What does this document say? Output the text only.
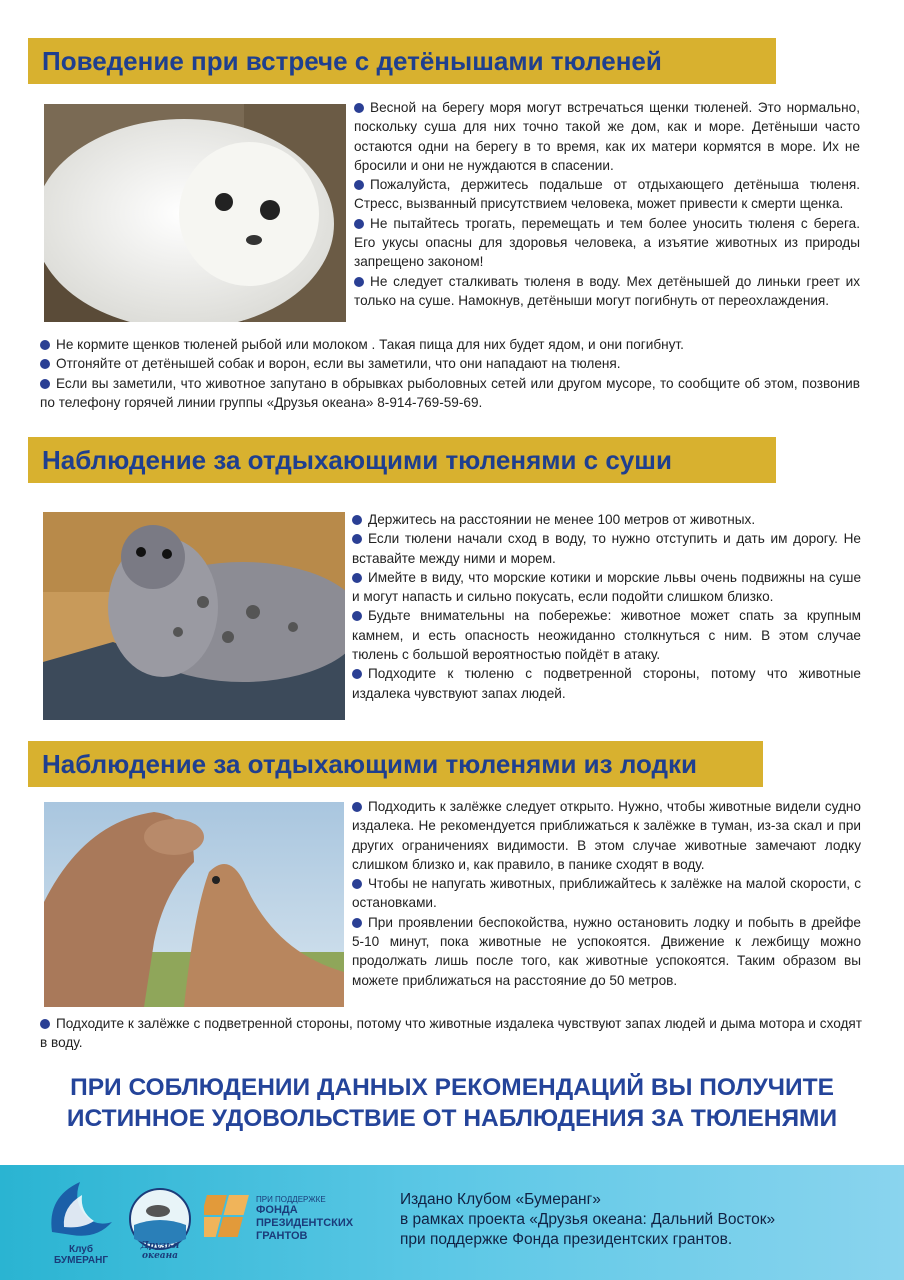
Поведение при встрече с детёнышами тюленей

Весной на берегу моря могут встречаться щенки тюленей. Это нормально, поскольку суша для них точно такой же дом, как и море. Детёныши часто остаются одни на берегу в то время, как их матери кормятся в море. Их не бросили и они не нуждаются в спасении.

Пожалуйста, держитесь подальше от отдыхающего детёныша тюленя. Стресс, вызванный присутствием человека, может привести к смерти щенка.

Не пытайтесь трогать, перемещать и тем более уносить тюленя с берега. Его укусы опасны для здоровья человека, а изъятие животных из природы запрещено законом!

Не следует сталкивать тюленя в воду. Мех детёнышей до линьки греет их только на суше. Намокнув, детёныши могут погибнуть от переохлаждения.

Не кормите щенков тюленей рыбой или молоком . Такая пища для них будет ядом, и они погибнут.

Отгоняйте от детёнышей собак и ворон, если вы заметили, что они нападают на тюленя.

Если вы заметили, что животное запутано в обрывках рыболовных сетей или другом мусоре, то сообщите об этом, позвонив по телефону горячей линии группы «Друзья океана» 8-914-769-59-69.

Наблюдение за отдыхающими тюленями с суши

Держитесь на расстоянии не менее 100 метров от животных.

Если тюлени начали сход в воду, то нужно отступить и дать им дорогу. Не вставайте между ними и морем.

Имейте в виду, что морские котики и морские львы очень подвижны на суше и могут напасть и сильно покусать, если подойти слишком близко.

Будьте внимательны на побережье: животное может спать за крупным камнем, и есть опасность неожиданно столкнуться с ним. В этом случае тюлень с большой вероятностью пойдёт в атаку.

Подходите к тюленю с подветренной стороны, потому что животные издалека чувствуют запах людей.

Наблюдение за отдыхающими тюленями из лодки

Подходить к залёжке следует открыто. Нужно, чтобы животные видели судно издалека. Не рекомендуется приближаться к залёжке в туман, из-за скал и при других ограничениях видимости. В этом случае животные замечают лодку слишком близко и, как правило, в панике сходят в воду.

Чтобы не напугать животных, приближайтесь к залёжке на малой скорости, с остановками.

При проявлении беспокойства, нужно остановить лодку и побыть в дрейфе 5-10 минут, пока животные не успокоятся. Движение к лежбищу можно продолжать лишь после того, как животные успокоятся. Таким образом вы можете приближаться на расстояние до 50 метров.

Подходите к залёжке с подветренной стороны, потому что животные издалека чувствуют запах людей и дыма мотора и сходят в воду.

ПРИ СОБЛЮДЕНИИ ДАННЫХ РЕКОМЕНДАЦИЙ ВЫ ПОЛУЧИТЕ
ИСТИННОЕ УДОВОЛЬСТВИЕ ОТ НАБЛЮДЕНИЯ ЗА ТЮЛЕНЯМИ
Клуб
БУМЕРАНГ
Друзья океана
ПРИ ПОДДЕРЖКЕ
ФОНДА
ПРЕЗИДЕНТСКИХ
ГРАНТОВ
Издано Клубом «Бумеранг»
в рамках проекта «Друзья океана: Дальний Восток»
при поддержке Фонда президентских грантов.
